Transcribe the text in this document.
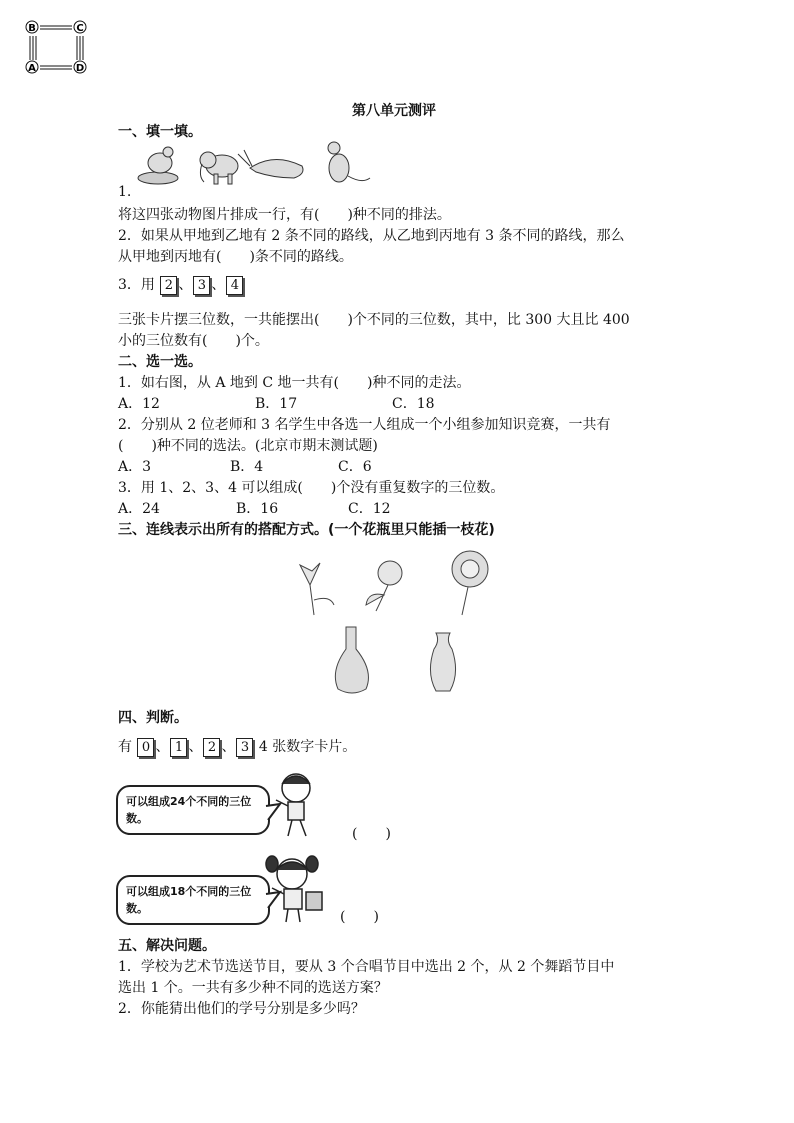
B	C
A	D
第八单元测评
一、填一填。
1.
将这四张动物图片排成一行，有(　　)种不同的排法。
2．如果从甲地到乙地有 2 条不同的路线，从乙地到丙地有 3 条不同的路线，那么
从甲地到丙地有(　　)条不同的路线。
3．用 2 、 3 、 4
三张卡片摆三位数，一共能摆出(　　)个不同的三位数，其中，比 300 大且比 400
小的三位数有(　　)个。
二、选一选。
1．如右图，从 A 地到 C 地一共有(　　)种不同的走法。
A．12	B．17	C．18
2．分别从 2 位老师和 3 名学生中各选一人组成一个小组参加知识竞赛，一共有
(　　)种不同的选法。(北京市期末测试题)
A．3	B．4	C．6
3．用 1、2、3、4 可以组成(　　)个没有重复数字的三位数。
A．24	B．16	C．12
三、连线表示出所有的搭配方式。(一个花瓶里只能插一枝花)
四、判断。
有 0 、 1 、 2 、 3 4 张数字卡片。
可以组成24个不同的三位数。
(　　)
可以组成18个不同的三位数。
(　　)
五、解决问题。
1．学校为艺术节选送节目，要从 3 个合唱节目中选出 2 个，从 2 个舞蹈节目中
选出 1 个。一共有多少种不同的选送方案？
2．你能猜出他们的学号分别是多少吗？
